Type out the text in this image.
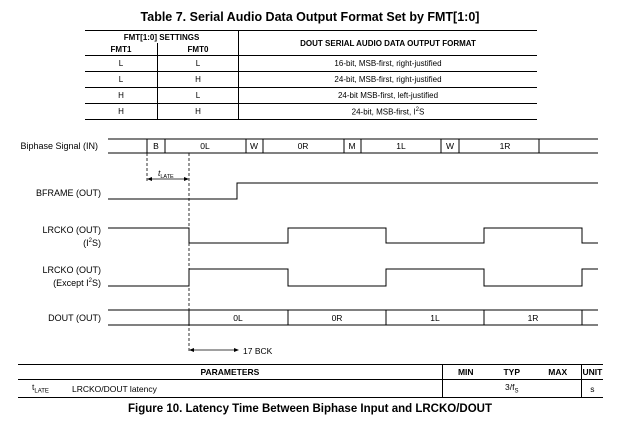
Table 7. Serial Audio Data Output Format Set by FMT[1:0]
FMT[1:0] SETTINGS		DOUT SERIAL AUDIO DATA OUTPUT FORMAT
FMT1	FMT0	
L	L	16-bit, MSB-first, right-justified
L	H	24-bit, MSB-first, right-justified
H	L	24-bit MSB-first, left-justified
H	H	24-bit, MSB-first, $I^2S$
Biphase Signal (IN)
BFRAME (OUT)
LRCKO (OUT)
$(I^2S)$
LRCKO (OUT)
(Except $I^2S$)
DOUT (OUT)
B	0L	W	0R	M	1L	W	1R
0L	0R	1L	1R
$t_{LATE}$
17 BCK
PARAMETERS		MIN	TYP	MAX	UNIT
$t_{LATE}$	LRCKO/DOUT latency		$3/f_S$		s
Figure 10. Latency Time Between Biphase Input and LRCKO/DOUT
